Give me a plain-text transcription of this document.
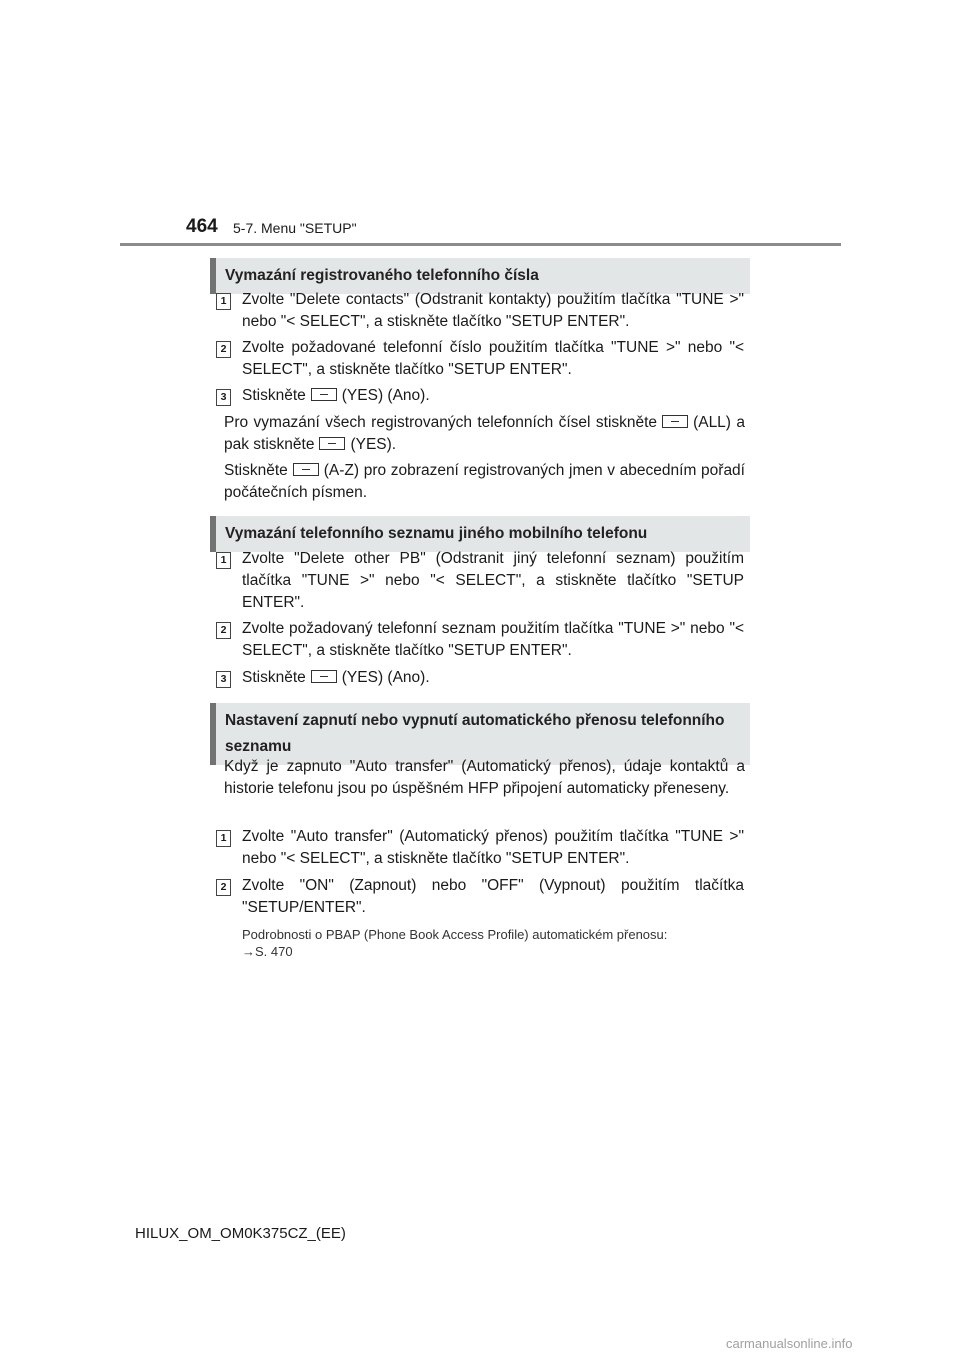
464 5-7. Menu "SETUP"
Vymazání registrovaného telefonního čísla
1 Zvolte "Delete contacts" (Odstranit kontakty) použitím tlačítka "TUNE >" nebo "< SELECT", a stiskněte tlačítko "SETUP ENTER".
2 Zvolte požadované telefonní číslo použitím tlačítka "TUNE >" nebo "< SELECT", a stiskněte tlačítko "SETUP ENTER".
3 Stiskněte (YES) (Ano).
Pro vymazání všech registrovaných telefonních čísel stiskněte (ALL) a pak stiskněte (YES).
Stiskněte (A-Z) pro zobrazení registrovaných jmen v abecedním pořadí počátečních písmen.
Vymazání telefonního seznamu jiného mobilního telefonu
1 Zvolte "Delete other PB" (Odstranit jiný telefonní seznam) použitím tlačítka "TUNE >" nebo "< SELECT", a stiskněte tlačítko "SETUP ENTER".
2 Zvolte požadovaný telefonní seznam použitím tlačítka "TUNE >" nebo "< SELECT", a stiskněte tlačítko "SETUP ENTER".
3 Stiskněte (YES) (Ano).
Nastavení zapnutí nebo vypnutí automatického přenosu telefonního seznamu
Když je zapnuto "Auto transfer" (Automatický přenos), údaje kontaktů a historie telefonu jsou po úspěšném HFP připojení automaticky přeneseny.
1 Zvolte "Auto transfer" (Automatický přenos) použitím tlačítka "TUNE >" nebo "< SELECT", a stiskněte tlačítko "SETUP ENTER".
2 Zvolte "ON" (Zapnout) nebo "OFF" (Vypnout) použitím tlačítka "SETUP/ENTER".
Podrobnosti o PBAP (Phone Book Access Profile) automatickém přenosu:
→S. 470
HILUX_OM_OM0K375CZ_(EE)
carmanualsonline.info
